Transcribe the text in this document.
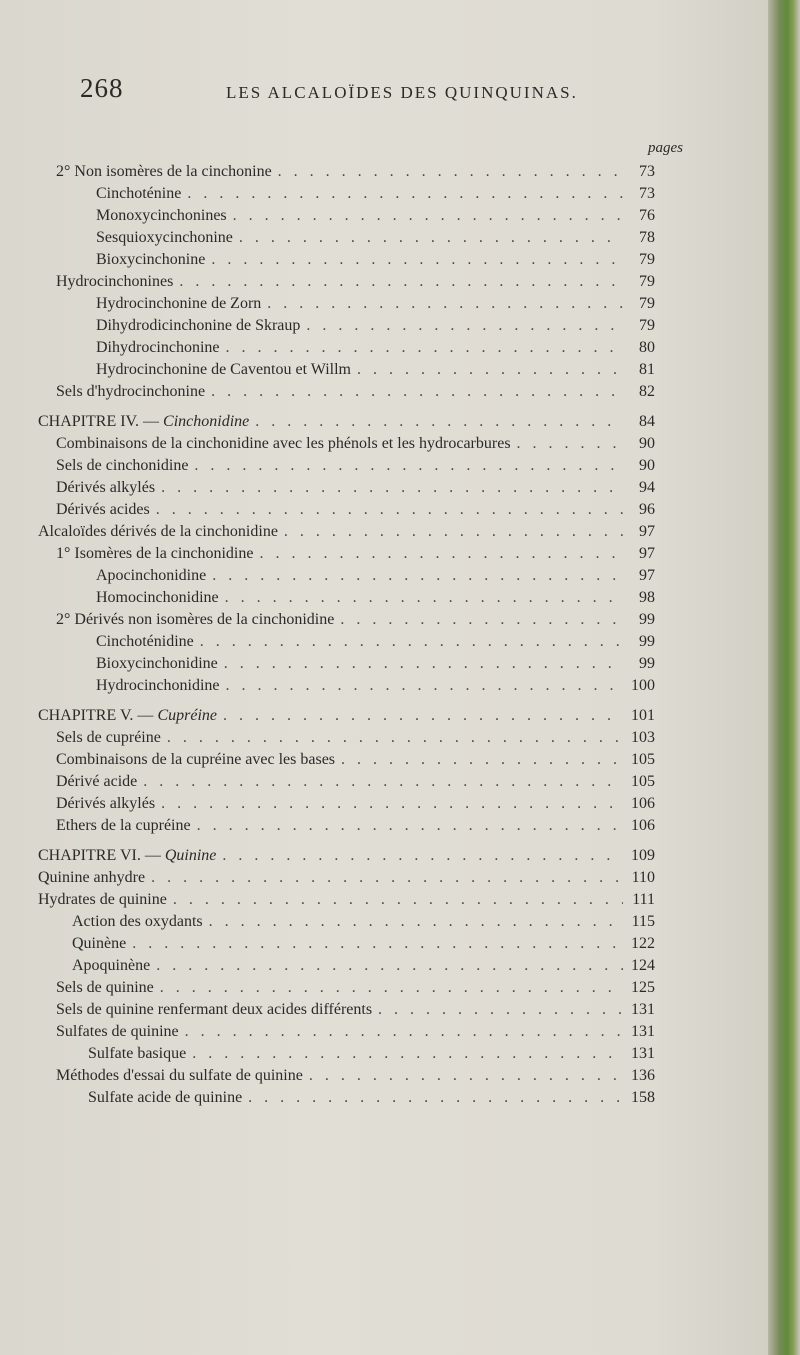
268	LES ALCALOÏDES DES QUINQUINAS.
pages
2° Non isomères de la cinchonine . . .	73
Cinchoténine . . .	73
Monoxycinchonines . . .	76
Sesquioxycinchonine . . .	78
Bioxycinchonine . . .	79
Hydrocinchonines . . .	79
Hydrocinchonine de Zorn . . .	79
Dihydrodicinchonine de Skraup . . .	79
Dihydrocinchonine . . .	80
Hydrocinchonine de Caventou et Willm . . .	81
Sels d'hydrocinchonine . . .	82
CHAPITRE IV. — Cinchonidine . . .	84
Combinaisons de la cinchonidine avec les phénols et les hydrocarbures . . .	90
Sels de cinchonidine . . .	90
Dérivés alkylés . . .	94
Dérivés acides . . .	96
Alcaloïdes dérivés de la cinchonidine . . .	97
1° Isomères de la cinchonidine . . .	97
Apocinchonidine . . .	97
Homocinchonidine . . .	98
2° Dérivés non isomères de la cinchonidine . . .	99
Cinchoténidine . . .	99
Bioxycinchonidine . . .	99
Hydrocinchonidine . . .	100
CHAPITRE V. — Cupréine . . .	101
Sels de cupréine . . .	103
Combinaisons de la cupréine avec les bases . . .	105
Dérivé acide . . .	105
Dérivés alkylés . . .	106
Ethers de la cupréine . . .	106
CHAPITRE VI. — Quinine . . .	109
Quinine anhydre . . .	110
Hydrates de quinine . . .	111
Action des oxydants . . .	115
Quinène . . .	122
Apoquinène . . .	124
Sels de quinine . . .	125
Sels de quinine renfermant deux acides différents . . .	131
Sulfates de quinine . . .	131
Sulfate basique . . .	131
Méthodes d'essai du sulfate de quinine . . .	136
Sulfate acide de quinine . . .	158
